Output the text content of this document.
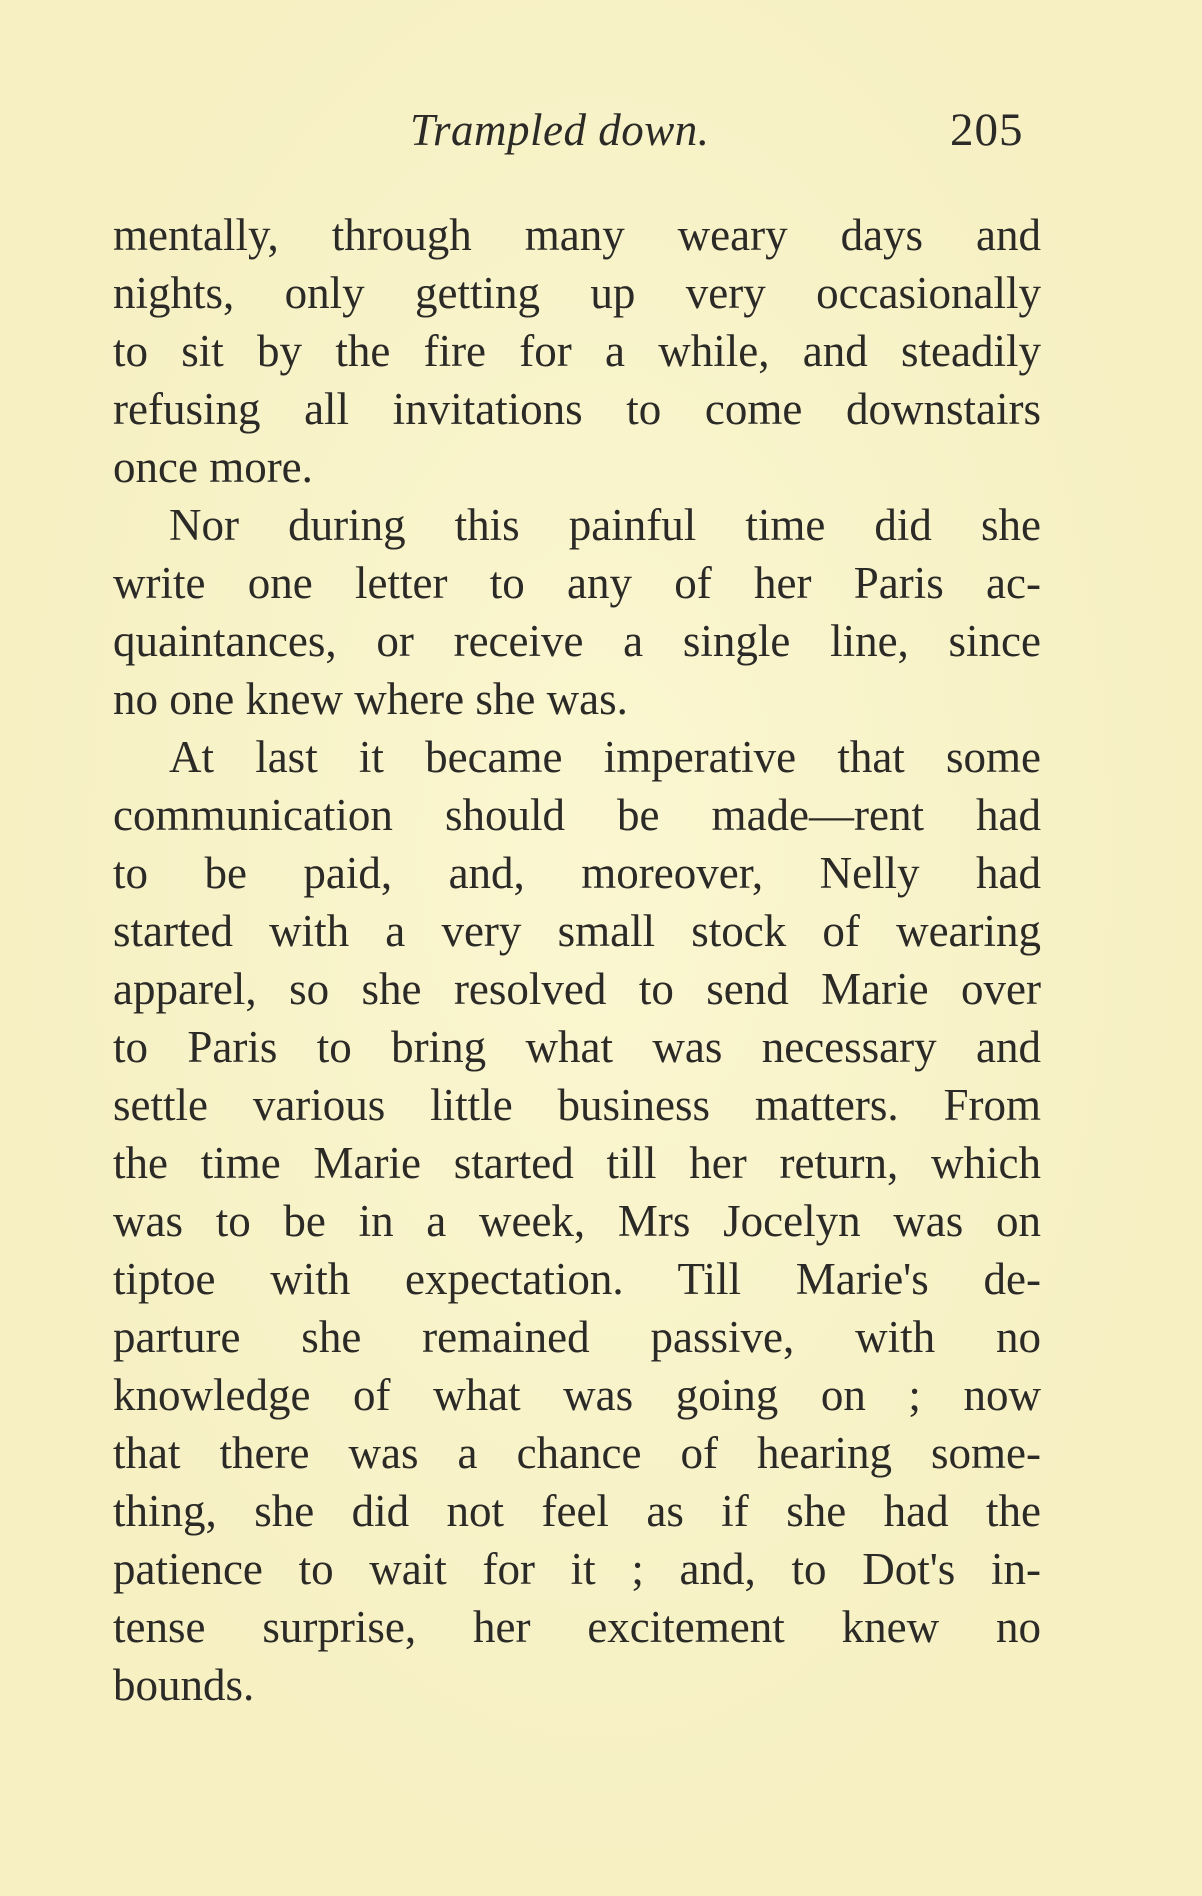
Trampled down.	205
mentally, through many weary days and
nights, only getting up very occasionally
to sit by the fire for a while, and steadily
refusing all invitations to come downstairs
once more.
Nor during this painful time did she
write one letter to any of her Paris ac-
quaintances, or receive a single line, since
no one knew where she was.
At last it became imperative that some
communication should be made—rent had
to be paid, and, moreover, Nelly had
started with a very small stock of wearing
apparel, so she resolved to send Marie over
to Paris to bring what was necessary and
settle various little business matters. From
the time Marie started till her return, which
was to be in a week, Mrs Jocelyn was on
tiptoe with expectation. Till Marie's de-
parture she remained passive, with no
knowledge of what was going on ; now
that there was a chance of hearing some-
thing, she did not feel as if she had the
patience to wait for it ; and, to Dot's in-
tense surprise, her excitement knew no
bounds.
